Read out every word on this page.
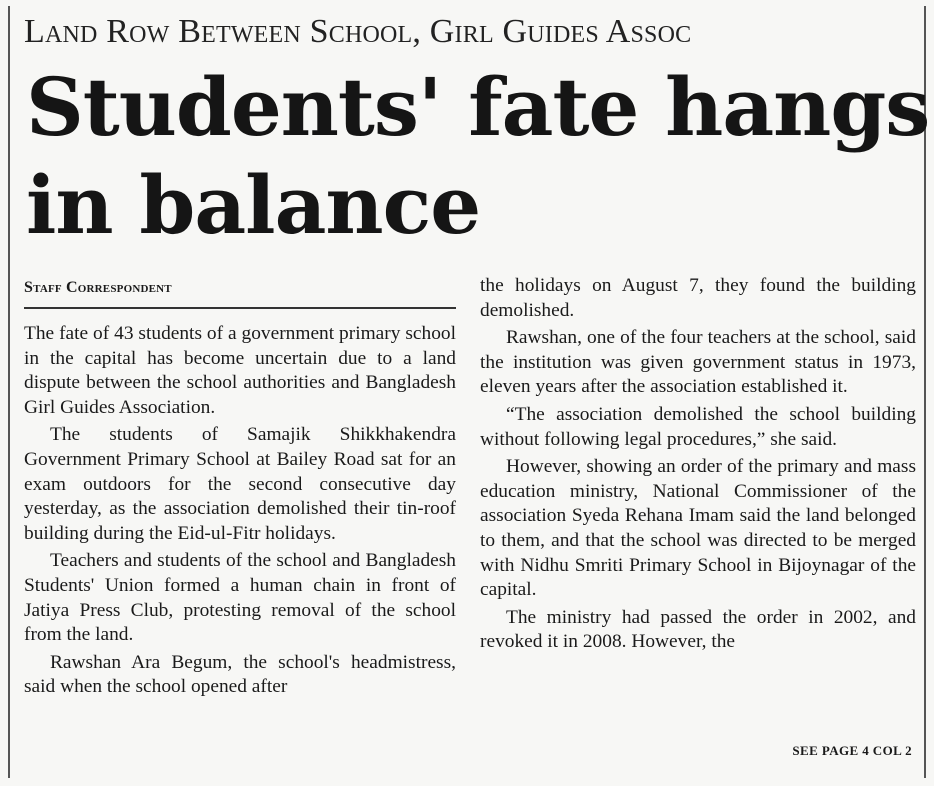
Land Row Between School, Girl Guides Assoc
Students' fate hangs
in balance
Staff Correspondent

The fate of 43 students of a government primary school in the capital has become uncertain due to a land dispute between the school authorities and Bangladesh Girl Guides Association.

The students of Samajik Shikkhakendra Government Primary School at Bailey Road sat for an exam outdoors for the second consecutive day yesterday, as the association demolished their tin-roof building during the Eid-ul-Fitr holidays.

Teachers and students of the school and Bangladesh Students' Union formed a human chain in front of Jatiya Press Club, protesting removal of the school from the land.

Rawshan Ara Begum, the school's headmistress, said when the school opened after

the holidays on August 7, they found the building demolished.

Rawshan, one of the four teachers at the school, said the institution was given government status in 1973, eleven years after the association established it.

“The association demolished the school building without following legal procedures,” she said.

However, showing an order of the primary and mass education ministry, National Commissioner of the association Syeda Rehana Imam said the land belonged to them, and that the school was directed to be merged with Nidhu Smriti Primary School in Bijoynagar of the capital.

The ministry had passed the order in 2002, and revoked it in 2008. However, the

SEE PAGE 4 COL 2
